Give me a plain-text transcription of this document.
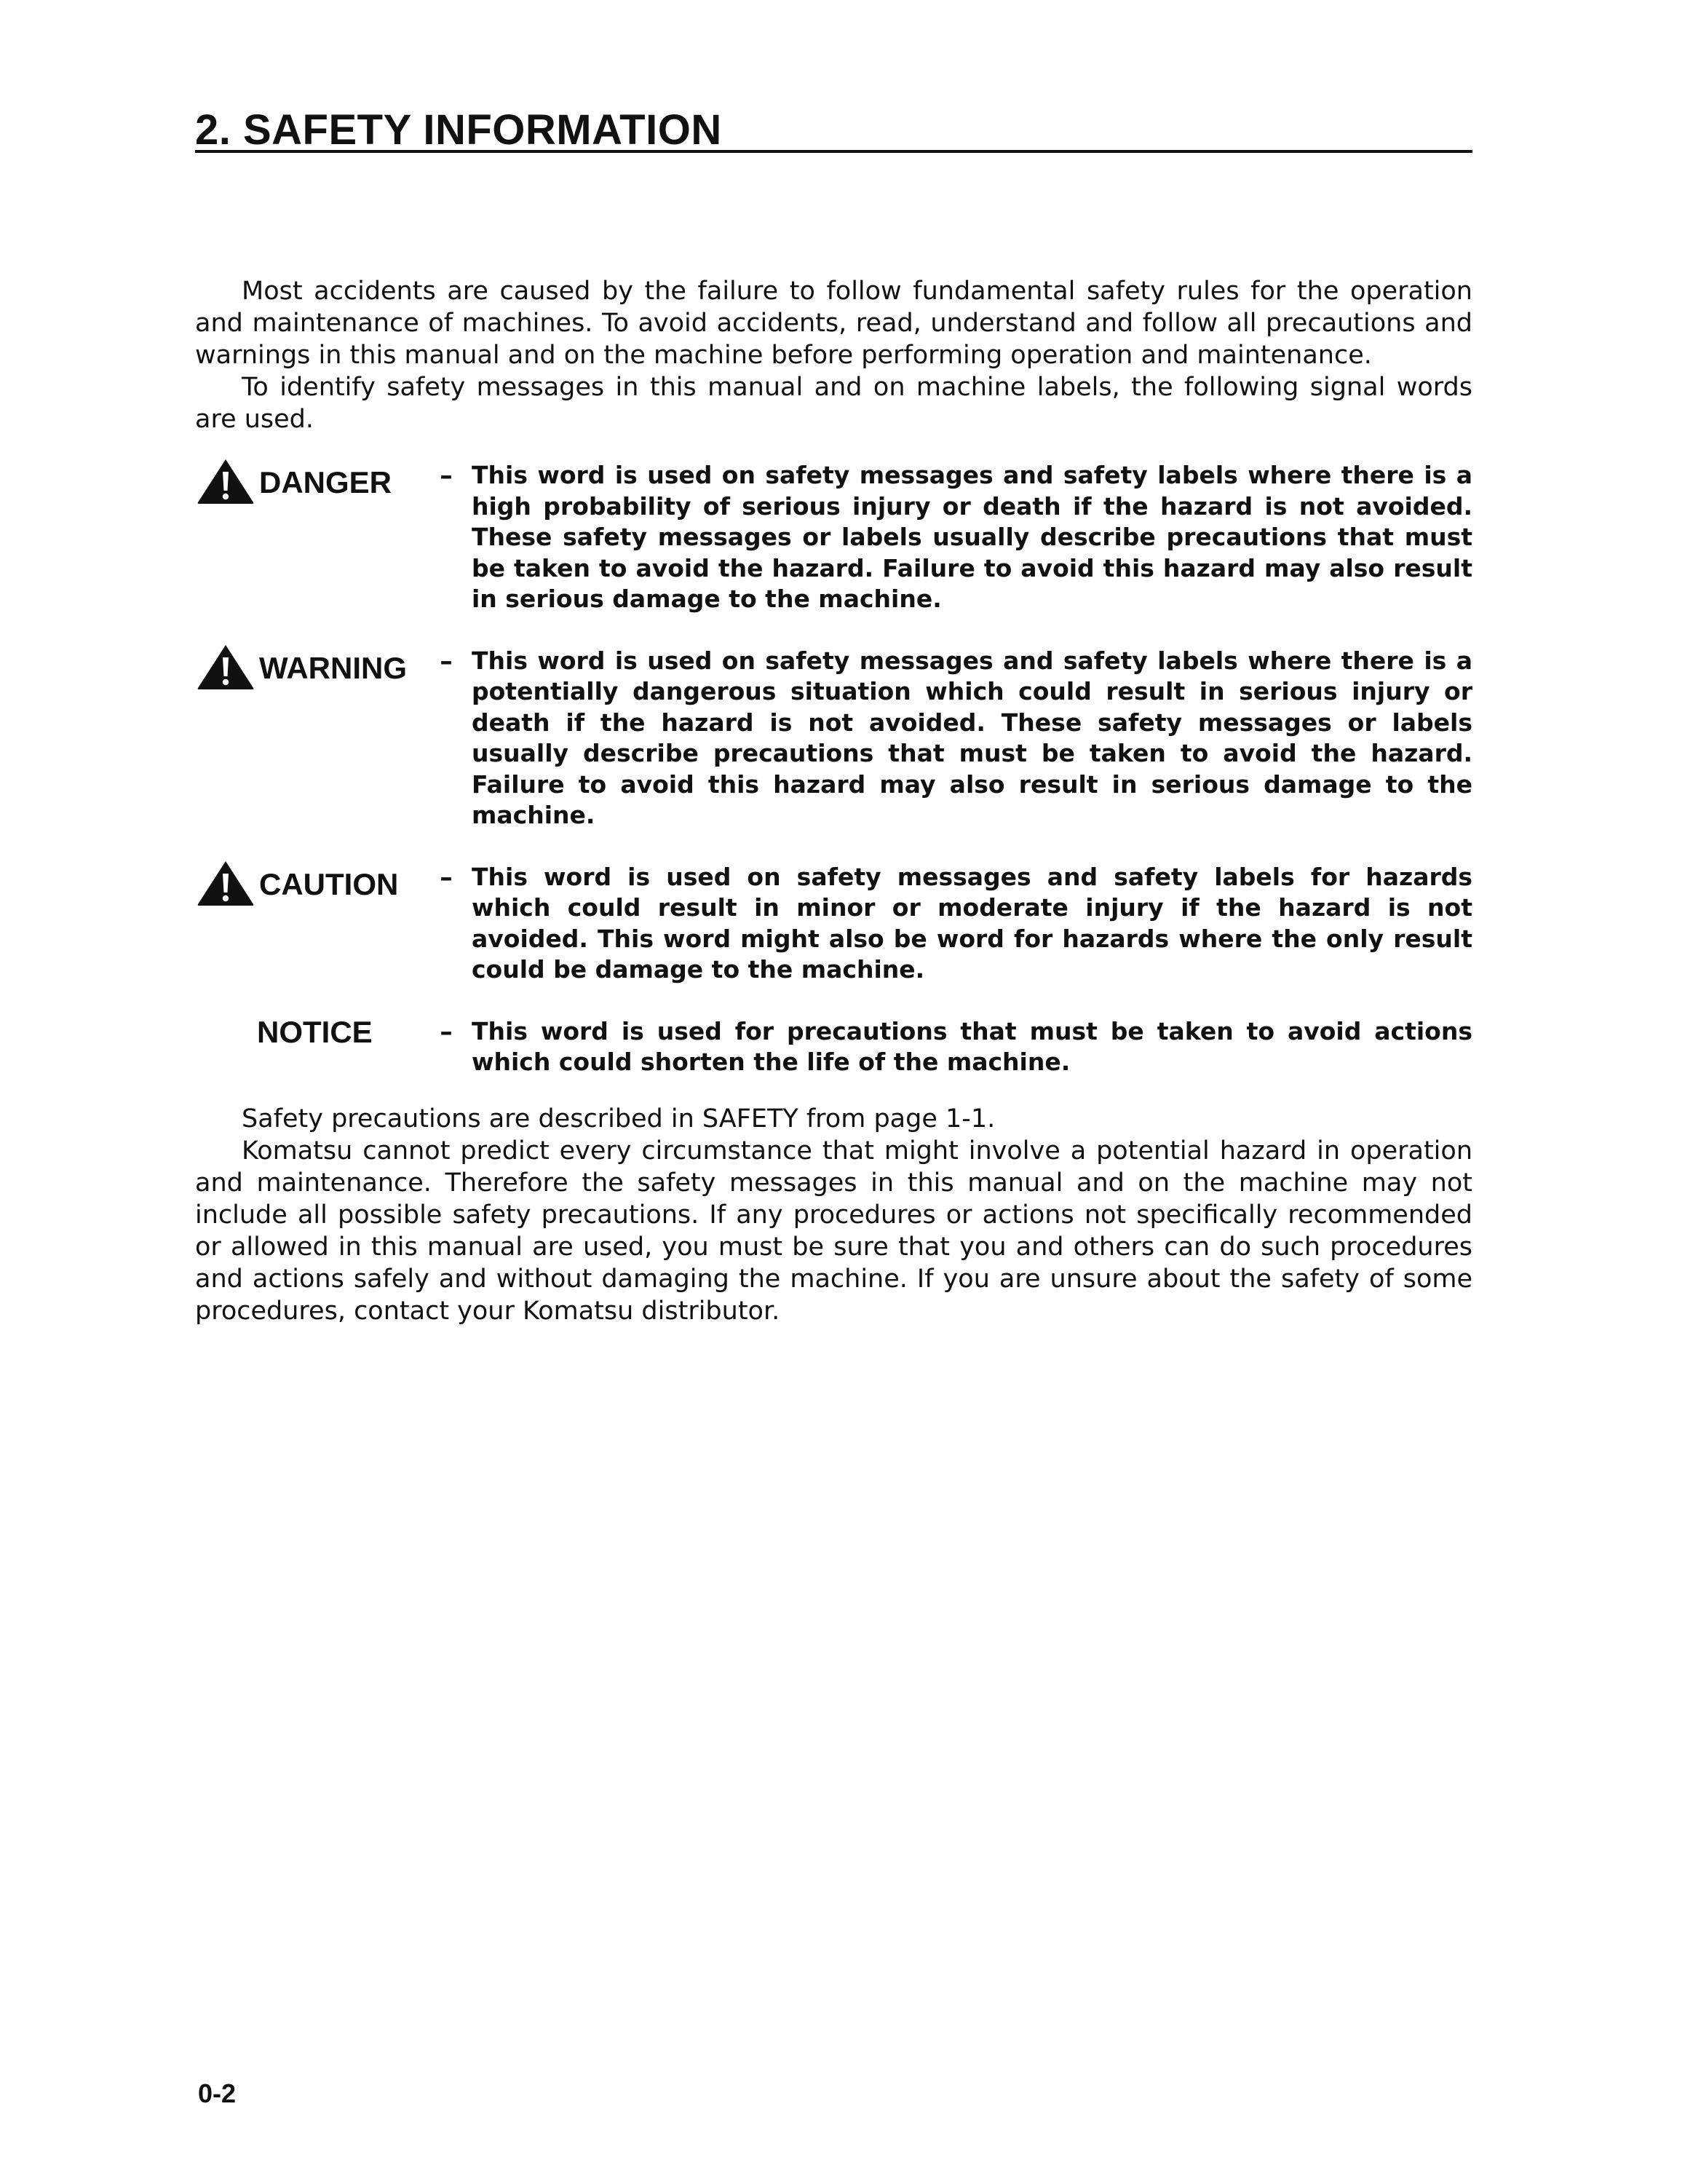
2. SAFETY INFORMATION

Most accidents are caused by the failure to follow fundamental safety rules for the operation and maintenance of machines. To avoid accidents, read, understand and follow all precautions and warnings in this manual and on the machine before performing operation and maintenance.

To identify safety messages in this manual and on machine labels, the following signal words are used.

DANGER	– This word is used on safety messages and safety labels where there is a high probability of serious injury or death if the hazard is not avoided. These safety messages or labels usually describe precautions that must be taken to avoid the hazard. Failure to avoid this hazard may also result in serious damage to the machine.
WARNING	– This word is used on safety messages and safety labels where there is a potentially dangerous situation which could result in serious injury or death if the hazard is not avoided. These safety messages or labels usually describe precautions that must be taken to avoid the hazard. Failure to avoid this hazard may also result in serious damage to the machine.
CAUTION	– This word is used on safety messages and safety labels for hazards which could result in minor or moderate injury if the hazard is not avoided. This word might also be word for hazards where the only result could be damage to the machine.
NOTICE	– This word is used for precautions that must be taken to avoid actions which could shorten the life of the machine.

Safety precautions are described in SAFETY from page 1-1.

Komatsu cannot predict every circumstance that might involve a potential hazard in operation and maintenance. Therefore the safety messages in this manual and on the machine may not include all possible safety precautions. If any procedures or actions not specifically recommended or allowed in this manual are used, you must be sure that you and others can do such procedures and actions safely and without damaging the machine. If you are unsure about the safety of some procedures, contact your Komatsu distributor.

0-2
